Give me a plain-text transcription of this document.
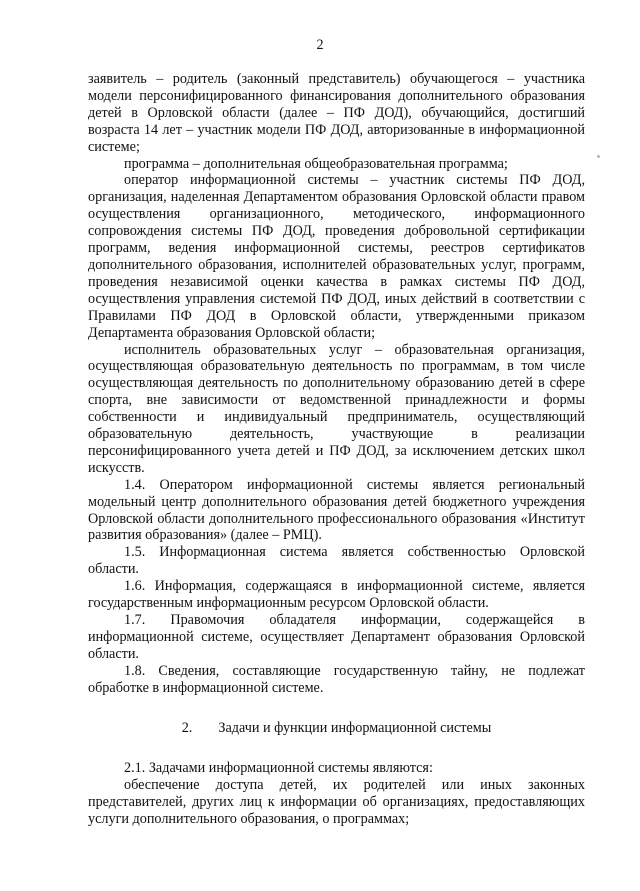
2

заявитель – родитель (законный представитель) обучающегося – участника модели персонифицированного финансирования дополнительного образования детей в Орловской области (далее – ПФ ДОД), обучающийся, достигший возраста 14 лет – участник модели ПФ ДОД, авторизованные в информационной системе;

программа – дополнительная общеобразовательная программа;

оператор информационной системы – участник системы ПФ ДОД, организация, наделенная Департаментом образования Орловской области правом осуществления организационного, методического, информационного сопровождения системы ПФ ДОД, проведения добровольной сертификации программ, ведения информационной системы, реестров сертификатов дополнительного образования, исполнителей образовательных услуг, программ, проведения независимой оценки качества в рамках системы ПФ ДОД, осуществления управления системой ПФ ДОД, иных действий в соответствии с Правилами ПФ ДОД в Орловской области, утвержденными приказом Департамента образования Орловской области;

исполнитель образовательных услуг – образовательная организация, осуществляющая образовательную деятельность по программам, в том числе осуществляющая деятельность по дополнительному образованию детей в сфере спорта, вне зависимости от ведомственной принадлежности и формы собственности и индивидуальный предприниматель, осуществляющий образовательную деятельность, участвующие в реализации персонифицированного учета детей и ПФ ДОД, за исключением детских школ искусств.

1.4. Оператором информационной системы является региональный модельный центр дополнительного образования детей бюджетного учреждения Орловской области дополнительного профессионального образования «Институт развития образования» (далее – РМЦ).

1.5. Информационная система является собственностью Орловской области.

1.6. Информация, содержащаяся в информационной системе, является государственным информационным ресурсом Орловской области.

1.7. Правомочия обладателя информации, содержащейся в информационной системе, осуществляет Департамент образования Орловской области.

1.8. Сведения, составляющие государственную тайну, не подлежат обработке в информационной системе.

2. Задачи и функции информационной системы

2.1. Задачами информационной системы являются:

обеспечение доступа детей, их родителей или иных законных представителей, других лиц к информации об организациях, предоставляющих услуги дополнительного образования, о программах;
